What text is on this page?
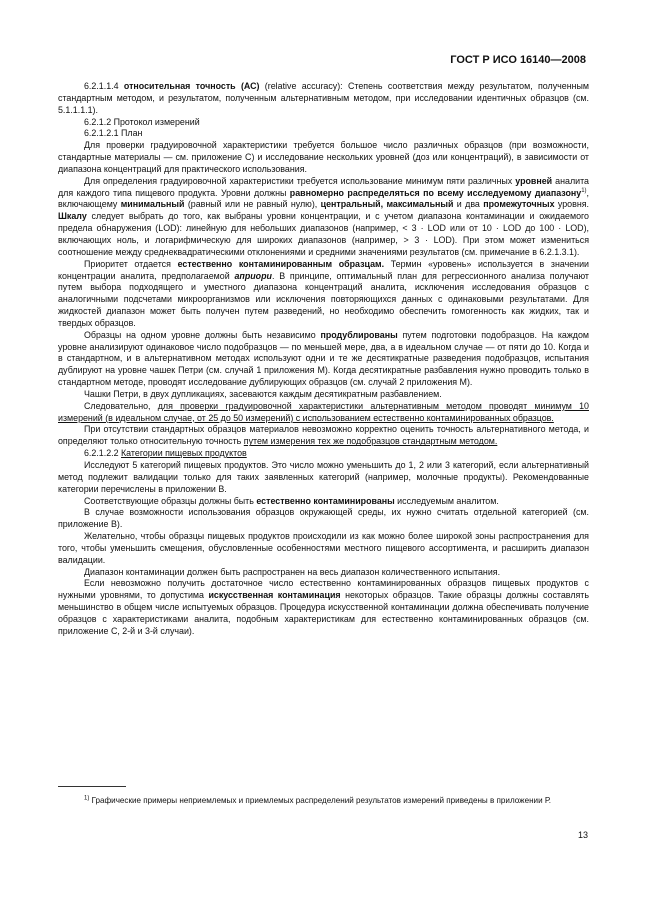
ГОСТ Р ИСО 16140—2008

6.2.1.1.4 относительная точность (АС) (relative accuracy): Степень соответствия между результатом, полученным стандартным методом, и результатом, полученным альтернативным методом, при исследовании идентичных образцов (см. 5.1.1.1.1).

6.2.1.2 Протокол измерений

6.2.1.2.1 План

Для проверки градуировочной характеристики требуется большое число различных образцов (при возможности, стандартные материалы — см. приложение С) и исследование нескольких уровней (доз или концентраций), в зависимости от диапазона концентраций для практического использования.

Для определения градуировочной характеристики требуется использование минимум пяти различных уровней аналита для каждого типа пищевого продукта. Уровни должны равномерно распределяться по всему исследуемому диапазону$^{1)}$, включающему минимальный (равный или не равный нулю), центральный, максимальный и два промежуточных уровня. Шкалу следует выбрать до того, как выбраны уровни концентрации, и с учетом диапазона контаминации и ожидаемого предела обнаружения (LOD): линейную для небольших диапазонов (например, < 3 · LOD или от 10 · LOD до 100 · LOD), включающих ноль, и логарифмическую для широких диапазонов (например, > 3 · LOD). При этом может измениться соотношение между среднеквадратическими отклонениями и средними значениями результатов (см. примечание в 6.2.1.3.1).

Приоритет отдается естественно контаминированным образцам. Термин «уровень» используется в значении концентрации аналита, предполагаемой априори. В принципе, оптимальный план для регрессионного анализа получают путем выбора подходящего и уместного диапазона концентраций аналита, исключения исследования образцов с аналогичными подсчетами микроорганизмов или исключения повторяющихся данных с одинаковыми результатами. Для жидкостей диапазон может быть получен путем разведений, но необходимо обеспечить гомогенность как жидких, так и твердых образцов.

Образцы на одном уровне должны быть независимо продублированы путем подготовки подобразцов. На каждом уровне анализируют одинаковое число подобразцов — по меньшей мере, два, а в идеальном случае — от пяти до 10. Когда и в стандартном, и в альтернативном методах используют одни и те же десятикратные разведения подобразцов, испытания дублируют на уровне чашек Петри (см. случай 1 приложения М). Когда десятикратные разбавления нужно проводить только в стандартном методе, проводят исследование дублирующих образцов (см. случай 2 приложения М).

Чашки Петри, в двух дупликациях, засеваются каждым десятикратным разбавлением.

Следовательно, для проверки градуировочной характеристики альтернативным методом проводят минимум 10 измерений (в идеальном случае, от 25 до 50 измерений) с использованием естественно контаминированных образцов.

При отсутствии стандартных образцов материалов невозможно корректно оценить точность альтернативного метода, и определяют только относительную точность путем измерения тех же подобразцов стандартным методом.

6.2.1.2.2 Категории пищевых продуктов

Исследуют 5 категорий пищевых продуктов. Это число можно уменьшить до 1, 2 или 3 категорий, если альтернативный метод подлежит валидации только для таких заявленных категорий (например, молочные продукты). Рекомендованные категории перечислены в приложении В.

Соответствующие образцы должны быть естественно контаминированы исследуемым аналитом.

В случае возможности использования образцов окружающей среды, их нужно считать отдельной категорией (см. приложение В).

Желательно, чтобы образцы пищевых продуктов происходили из как можно более широкой зоны распространения для того, чтобы уменьшить смещения, обусловленные особенностями местного пищевого ассортимента, и расширить диапазон валидации.

Диапазон контаминации должен быть распространен на весь диапазон количественного испытания.

Если невозможно получить достаточное число естественно контаминированных образцов пищевых продуктов с нужными уровнями, то допустима искусственная контаминация некоторых образцов. Такие образцы должны составлять меньшинство в общем числе испытуемых образцов. Процедура искусственной контаминации должна обеспечивать получение образцов с характеристиками аналита, подобным характеристикам для естественно контаминированных образцов (см. приложение С, 2-й и 3-й случаи).

$^{1)}$ Графические примеры неприемлемых и приемлемых распределений результатов измерений приведены в приложении Р.
13
